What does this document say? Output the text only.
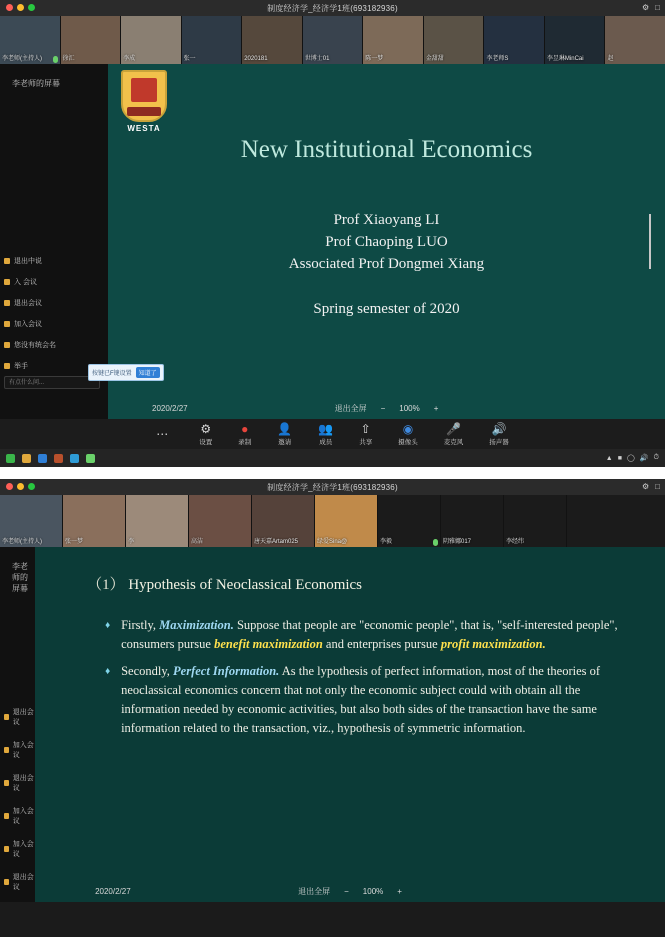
制度经济学_经济学1班(693182936)	⚙ □
李老师(主持人)	徐汇	李成	张一	2020181	世博士01	陈一梦	金甜甜	李老师S	李昱琳MinCai	赵
李老师的屏幕
退出中说
入 会议
退出会议
加入会议
您没有统会名
举手
有点什么问...
WESTA
New Institutional Economics
Prof Xiaoyang LI
Prof Chaoping LUO
Associated Prof Dongmei Xiang
Spring semester of 2020
2020/2/27	退出全屏 − 100% +
按键已F键设置	知道了
⋯	⚙
设置
●
录制
👤
邀请
👥
成员
⇧
共享
◉
摄像头
🎤
麦克风
🔊
扬声器
▲ ■ ◯ 🔊 ⏱
制度经济学_经济学1班(693182936)	⚙ □
李老师(主持人)	张一梦	李	高洁	唐天嘉Artam025	绿爱Sina@	李毅	阴雅娜017	李经纬
李老师的屏幕
退出会议
加入会议
退出会议
加入会议
加入会议
退出会议
（1） Hypothesis of Neoclassical Economics
♦ Firstly, Maximization. Suppose that people are "economic people", that is, "self-interested people", consumers pursue benefit maximization and enterprises pursue profit maximization.
♦ Secondly, Perfect Information. As the lypothesis of perfect information, most of the theories of neoclassical economics concern that not only the economic subject could with obtain all the information needed by economic activities, but also both sides of the transaction have the same information related to the transaction, viz., hypothesis of symmetric information.
2020/2/27	退出全屏 − 100% +
